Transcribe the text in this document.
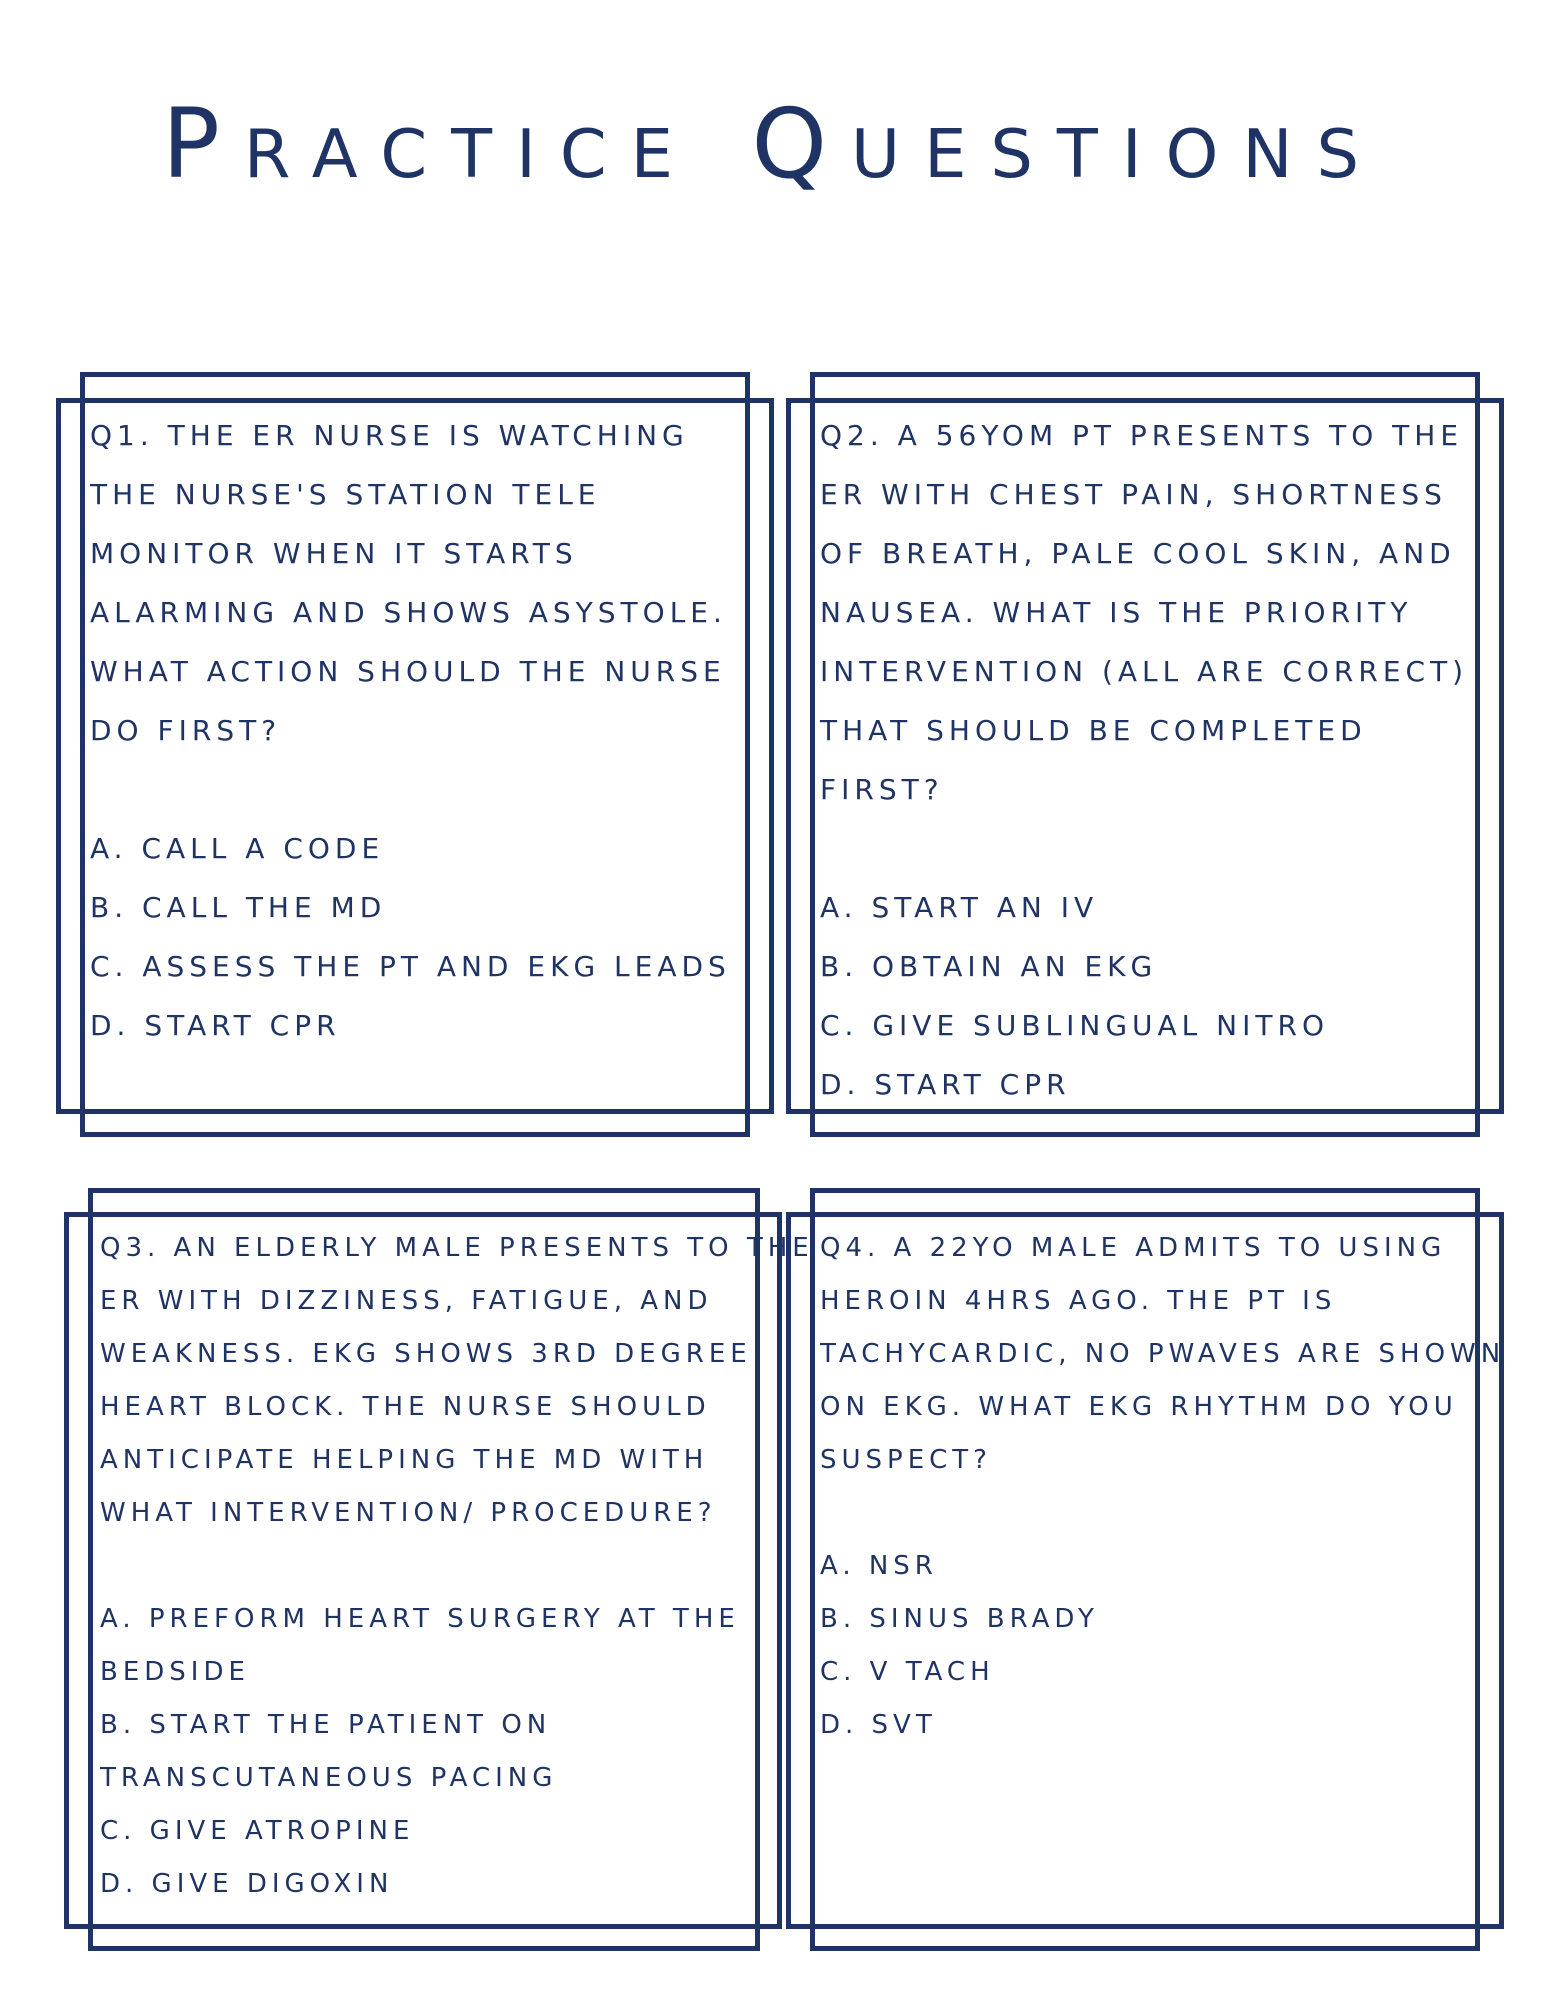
Practice Questions
Q1. THE ER NURSE IS WATCHING
THE NURSE'S STATION TELE
MONITOR WHEN IT STARTS
ALARMING AND SHOWS ASYSTOLE.
WHAT ACTION SHOULD THE NURSE
DO FIRST?
A. CALL A CODE
B. CALL THE MD
C. ASSESS THE PT AND EKG LEADS
D. START CPR
Q2. A 56YOM PT PRESENTS TO THE
ER WITH CHEST PAIN, SHORTNESS
OF BREATH, PALE COOL SKIN, AND
NAUSEA. WHAT IS THE PRIORITY
INTERVENTION (ALL ARE CORRECT)
THAT SHOULD BE COMPLETED
FIRST?
A. START AN IV
B. OBTAIN AN EKG
C. GIVE SUBLINGUAL NITRO
D. START CPR
Q3. AN ELDERLY MALE PRESENTS TO THE
ER WITH DIZZINESS, FATIGUE, AND
WEAKNESS. EKG SHOWS 3RD DEGREE
HEART BLOCK. THE NURSE SHOULD
ANTICIPATE HELPING THE MD WITH
WHAT INTERVENTION/ PROCEDURE?
A. PREFORM HEART SURGERY AT THE
BEDSIDE
B. START THE PATIENT ON
TRANSCUTANEOUS PACING
C. GIVE ATROPINE
D. GIVE DIGOXIN
Q4. A 22YO MALE ADMITS TO USING
HEROIN 4HRS AGO. THE PT IS
TACHYCARDIC, NO PWAVES ARE SHOWN
ON EKG. WHAT EKG RHYTHM DO YOU
SUSPECT?
A. NSR
B. SINUS BRADY
C. V TACH
D. SVT
